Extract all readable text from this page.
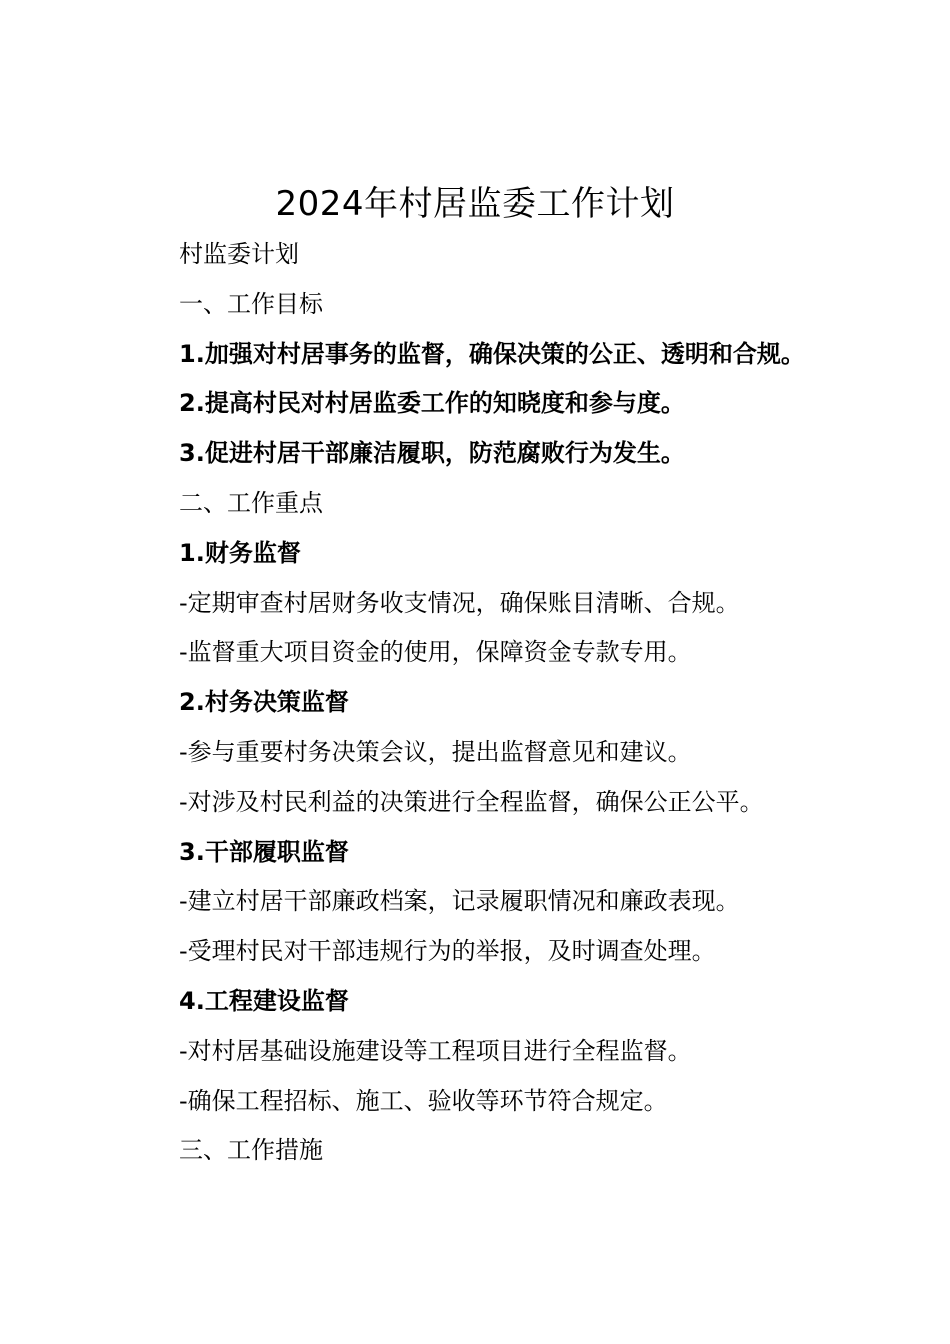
2024年村居监委工作计划
村监委计划
一、工作目标
1.加强对村居事务的监督，确保决策的公正、透明和合规。
2.提高村民对村居监委工作的知晓度和参与度。
3.促进村居干部廉洁履职，防范腐败行为发生。
二、工作重点
1.财务监督
-定期审查村居财务收支情况，确保账目清晰、合规。
-监督重大项目资金的使用，保障资金专款专用。
2.村务决策监督
-参与重要村务决策会议，提出监督意见和建议。
-对涉及村民利益的决策进行全程监督，确保公正公平。
3.干部履职监督
-建立村居干部廉政档案，记录履职情况和廉政表现。
-受理村民对干部违规行为的举报，及时调查处理。
4.工程建设监督
-对村居基础设施建设等工程项目进行全程监督。
-确保工程招标、施工、验收等环节符合规定。
三、工作措施
